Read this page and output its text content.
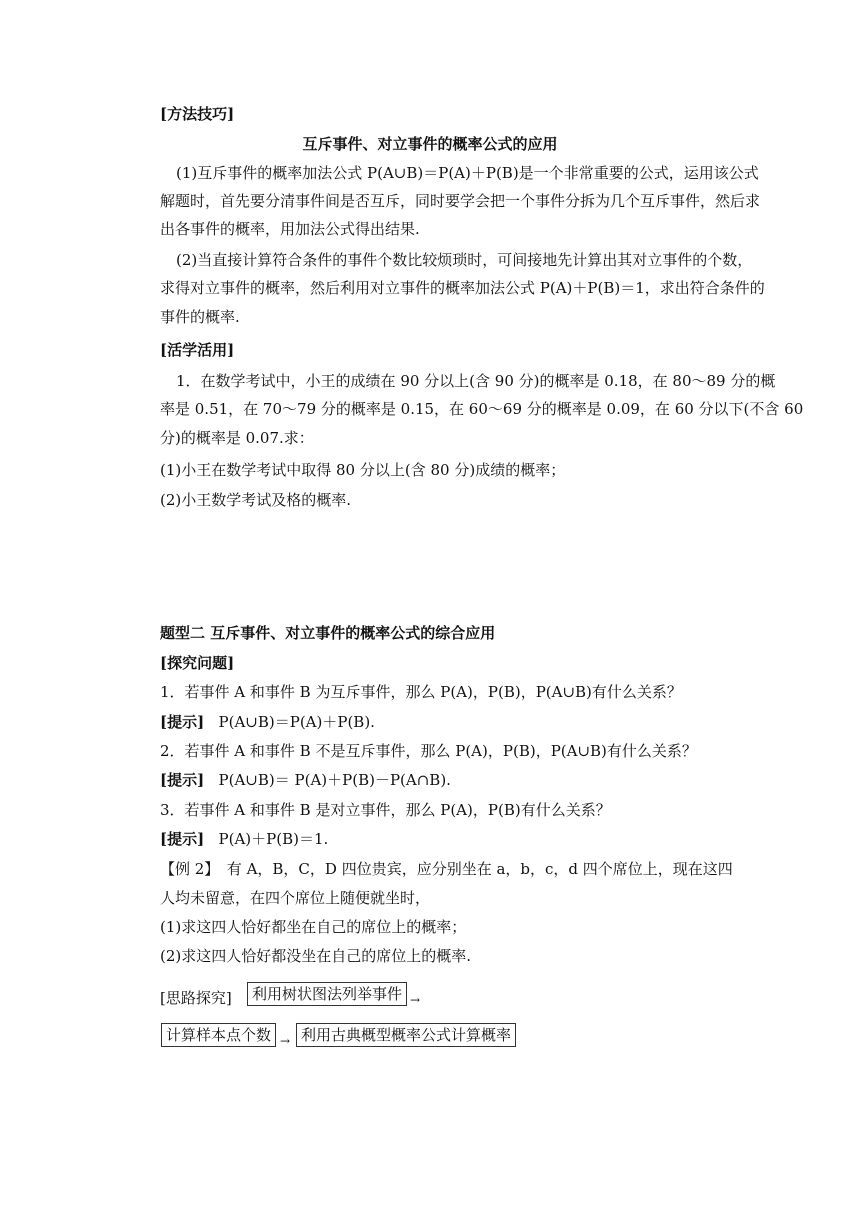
[方法技巧]
互斥事件、对立事件的概率公式的应用
(1)互斥事件的概率加法公式 P(A∪B)＝P(A)＋P(B)是一个非常重要的公式，运用该公式
解题时，首先要分清事件间是否互斥，同时要学会把一个事件分拆为几个互斥事件，然后求
出各事件的概率，用加法公式得出结果.
(2)当直接计算符合条件的事件个数比较烦琐时，可间接地先计算出其对立事件的个数，
求得对立事件的概率，然后利用对立事件的概率加法公式 P(A)＋P(B)＝1，求出符合条件的
事件的概率.
[活学活用]
1．在数学考试中，小王的成绩在 90 分以上(含 90 分)的概率是 0.18，在 80～89 分的概
率是 0.51，在 70～79 分的概率是 0.15，在 60～69 分的概率是 0.09，在 60 分以下(不含 60
分)的概率是 0.07.求：
(1)小王在数学考试中取得 80 分以上(含 80 分)成绩的概率；
(2)小王数学考试及格的概率.
题型二 互斥事件、对立事件的概率公式的综合应用
[探究问题]
1．若事件 A 和事件 B 为互斥事件，那么 P(A)，P(B)，P(A∪B)有什么关系？
[提示] P(A∪B)＝P(A)＋P(B).
2．若事件 A 和事件 B 不是互斥事件，那么 P(A)，P(B)，P(A∪B)有什么关系？
[提示] P(A∪B)＝ P(A)＋P(B)－P(A∩B).
3．若事件 A 和事件 B 是对立事件，那么 P(A)，P(B)有什么关系？
[提示] P(A)＋P(B)＝1.
【例 2】　有 A，B，C，D 四位贵宾，应分别坐在 a，b，c，d 四个席位上，现在这四
人均未留意，在四个席位上随便就坐时，
(1)求这四人恰好都坐在自己的席位上的概率；
(2)求这四人恰好都没坐在自己的席位上的概率.
[思路探究]	利用树状图法列举事件 →
计算样本点个数 → 利用古典概型概率公式计算概率
